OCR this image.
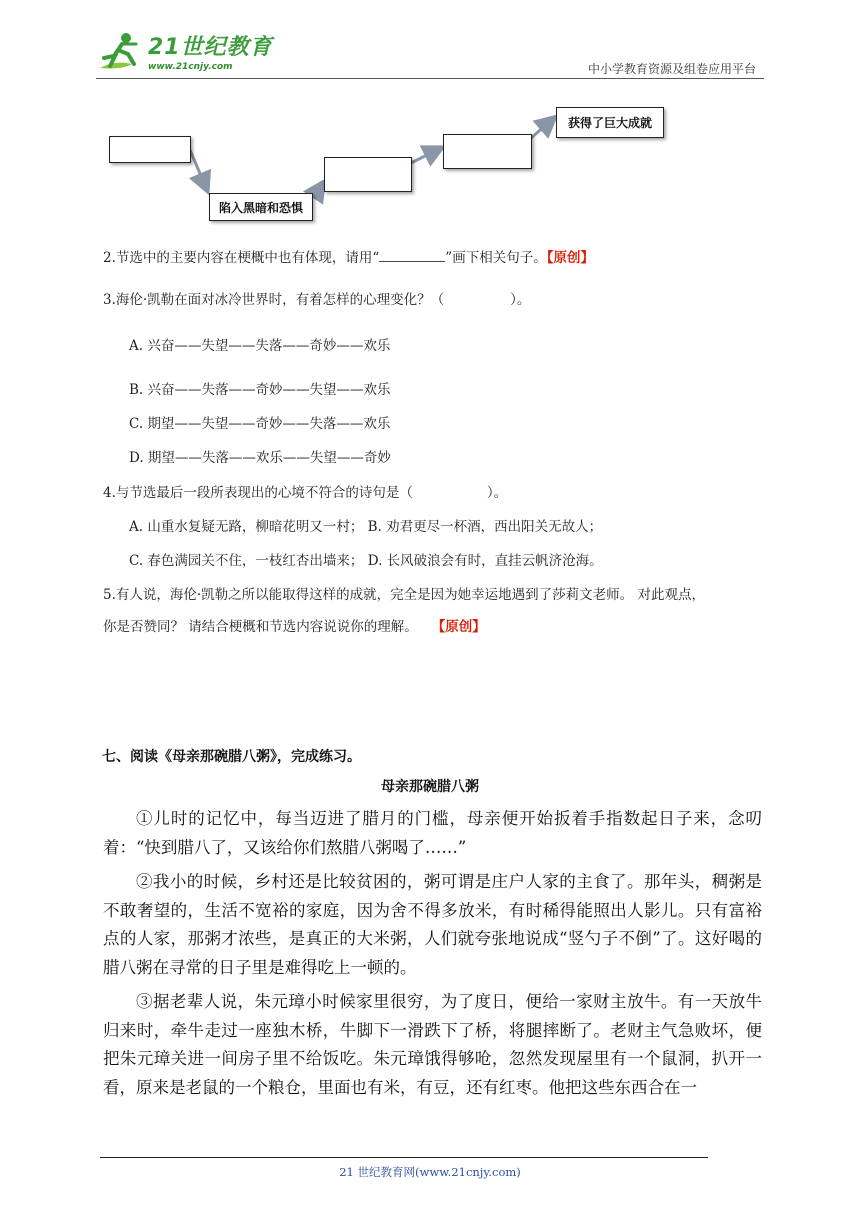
21世纪教育
www.21cnjy.com	中小学教育资源及组卷应用平台
陷入黑暗和恐惧
获得了巨大成就
2.节选中的主要内容在梗概中也有体现，请用“	”画下相关句子。【原创】
3.海伦·凯勒在面对冰冷世界时，有着怎样的心理变化？（	）。
A. 兴奋——失望——失落——奇妙——欢乐
B. 兴奋——失落——奇妙——失望——欢乐
C. 期望——失望——奇妙——失落——欢乐
D. 期望——失落——欢乐——失望——奇妙
4.与节选最后一段所表现出的心境不符合的诗句是（	）。
A. 山重水复疑无路，柳暗花明又一村； B. 劝君更尽一杯酒，西出阳关无故人；
C. 春色满园关不住，一枝红杏出墙来； D. 长风破浪会有时，直挂云帆济沧海。
5.有人说，海伦·凯勒之所以能取得这样的成就，完全是因为她幸运地遇到了莎莉文老师。 对此观点，
你是否赞同？ 请结合梗概和节选内容说说你的理解。 【原创】
七、阅读《母亲那碗腊八粥》，完成练习。
母亲那碗腊八粥

①儿时的记忆中，每当迈进了腊月的门槛，母亲便开始扳着手指数起日子来，念叨着：“快到腊八了，又该给你们熬腊八粥喝了……”

②我小的时候，乡村还是比较贫困的，粥可谓是庄户人家的主食了。那年头，稠粥是不敢奢望的，生活不宽裕的家庭，因为舍不得多放米，有时稀得能照出人影儿。只有富裕点的人家，那粥才浓些，是真正的大米粥，人们就夸张地说成“竖勺子不倒”了。这好喝的腊八粥在寻常的日子里是难得吃上一顿的。

③据老辈人说，朱元璋小时候家里很穷，为了度日，便给一家财主放牛。有一天放牛归来时，牵牛走过一座独木桥，牛脚下一滑跌下了桥，将腿摔断了。老财主气急败坏，便把朱元璋关进一间房子里不给饭吃。朱元璋饿得够呛，忽然发现屋里有一个鼠洞，扒开一看，原来是老鼠的一个粮仓，里面也有米，有豆，还有红枣。他把这些东西合在一

21 世纪教育网(www.21cnjy.com)
